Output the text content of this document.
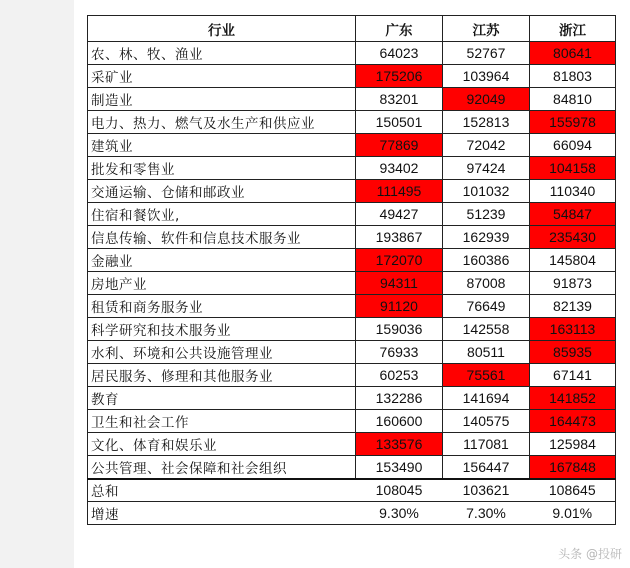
行业	广东	江苏	浙江
农、林、牧、渔业	64023	52767	80641
采矿业	175206	103964	81803
制造业	83201	92049	84810
电力、热力、燃气及水生产和供应业	150501	152813	155978
建筑业	77869	72042	66094
批发和零售业	93402	97424	104158
交通运输、仓储和邮政业	111495	101032	110340
住宿和餐饮业,	49427	51239	54847
信息传输、软件和信息技术服务业	193867	162939	235430
金融业	172070	160386	145804
房地产业	94311	87008	91873
租赁和商务服务业	91120	76649	82139
科学研究和技术服务业	159036	142558	163113
水利、环境和公共设施管理业	76933	80511	85935
居民服务、修理和其他服务业	60253	75561	67141
教育	132286	141694	141852
卫生和社会工作	160600	140575	164473
文化、体育和娱乐业	133576	117081	125984
公共管理、社会保障和社会组织	153490	156447	167848
总和	108045	103621	108645
增速	9.30%	7.30%	9.01%
头条 @投研
